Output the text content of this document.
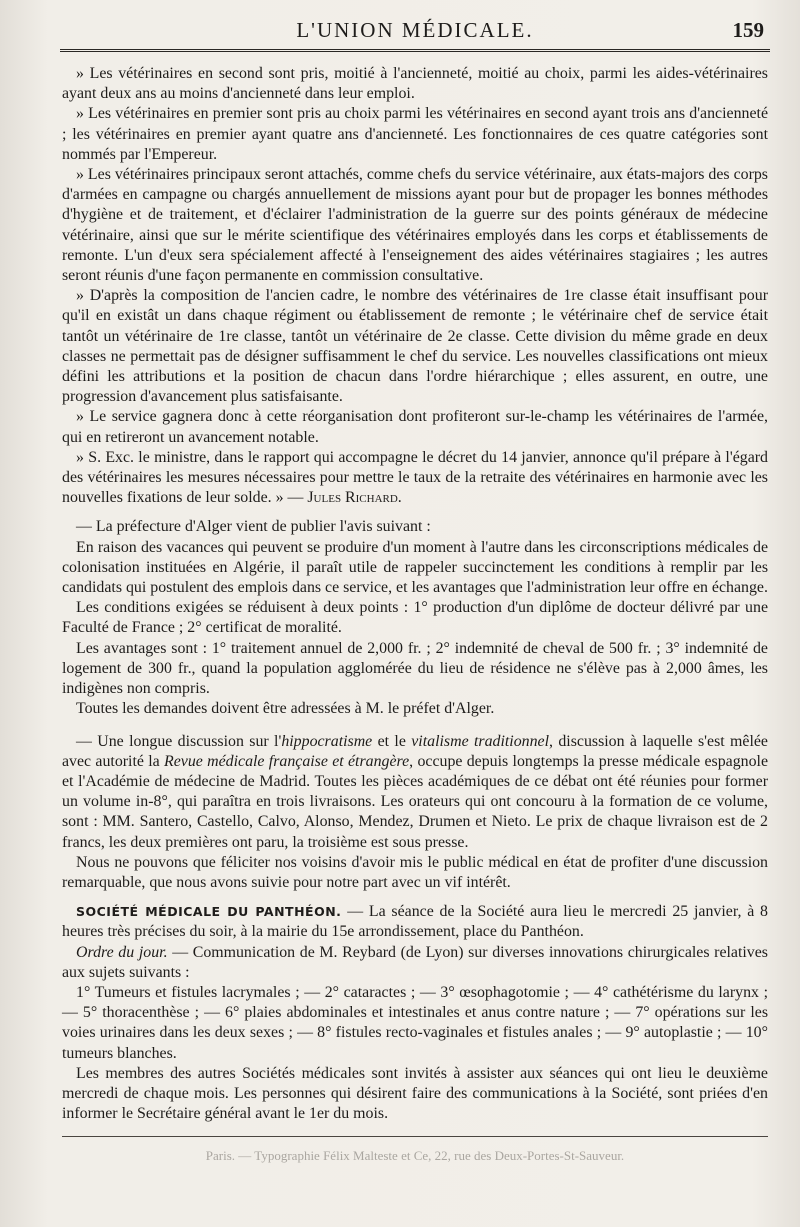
L'UNION MÉDICALE.	159

» Les vétérinaires en second sont pris, moitié à l'ancienneté, moitié au choix, parmi les aides-vétérinaires ayant deux ans au moins d'ancienneté dans leur emploi.

» Les vétérinaires en premier sont pris au choix parmi les vétérinaires en second ayant trois ans d'ancienneté ; les vétérinaires en premier ayant quatre ans d'ancienneté. Les fonctionnaires de ces quatre catégories sont nommés par l'Empereur.

» Les vétérinaires principaux seront attachés, comme chefs du service vétérinaire, aux états-majors des corps d'armées en campagne ou chargés annuellement de missions ayant pour but de propager les bonnes méthodes d'hygiène et de traitement, et d'éclairer l'administration de la guerre sur des points généraux de médecine vétérinaire, ainsi que sur le mérite scientifique des vétérinaires employés dans les corps et établissements de remonte. L'un d'eux sera spécialement affecté à l'enseignement des aides vétérinaires stagiaires ; les autres seront réunis d'une façon permanente en commission consultative.

» D'après la composition de l'ancien cadre, le nombre des vétérinaires de 1re classe était insuffisant pour qu'il en existât un dans chaque régiment ou établissement de remonte ; le vétérinaire chef de service était tantôt un vétérinaire de 1re classe, tantôt un vétérinaire de 2e classe. Cette division du même grade en deux classes ne permettait pas de désigner suffisamment le chef du service. Les nouvelles classifications ont mieux défini les attributions et la position de chacun dans l'ordre hiérarchique ; elles assurent, en outre, une progression d'avancement plus satisfaisante.

» Le service gagnera donc à cette réorganisation dont profiteront sur-le-champ les vétérinaires de l'armée, qui en retireront un avancement notable.

» S. Exc. le ministre, dans le rapport qui accompagne le décret du 14 janvier, annonce qu'il prépare à l'égard des vétérinaires les mesures nécessaires pour mettre le taux de la retraite des vétérinaires en harmonie avec les nouvelles fixations de leur solde. » — Jules Richard.

— La préfecture d'Alger vient de publier l'avis suivant :

En raison des vacances qui peuvent se produire d'un moment à l'autre dans les circonscriptions médicales de colonisation instituées en Algérie, il paraît utile de rappeler succinctement les conditions à remplir par les candidats qui postulent des emplois dans ce service, et les avantages que l'administration leur offre en échange.

Les conditions exigées se réduisent à deux points : 1° production d'un diplôme de docteur délivré par une Faculté de France ; 2° certificat de moralité.

Les avantages sont : 1° traitement annuel de 2,000 fr. ; 2° indemnité de cheval de 500 fr. ; 3° indemnité de logement de 300 fr., quand la population agglomérée du lieu de résidence ne s'élève pas à 2,000 âmes, les indigènes non compris.

Toutes les demandes doivent être adressées à M. le préfet d'Alger.

— Une longue discussion sur l'hippocratisme et le vitalisme traditionnel, discussion à laquelle s'est mêlée avec autorité la Revue médicale française et étrangère, occupe depuis longtemps la presse médicale espagnole et l'Académie de médecine de Madrid. Toutes les pièces académiques de ce débat ont été réunies pour former un volume in-8°, qui paraîtra en trois livraisons. Les orateurs qui ont concouru à la formation de ce volume, sont : MM. Santero, Castello, Calvo, Alonso, Mendez, Drumen et Nieto. Le prix de chaque livraison est de 2 francs, les deux premières ont paru, la troisième est sous presse.

Nous ne pouvons que féliciter nos voisins d'avoir mis le public médical en état de profiter d'une discussion remarquable, que nous avons suivie pour notre part avec un vif intérêt.

SOCIÉTÉ MÉDICALE DU PANTHÉON. — La séance de la Société aura lieu le mercredi 25 janvier, à 8 heures très précises du soir, à la mairie du 15e arrondissement, place du Panthéon.

Ordre du jour. — Communication de M. Reybard (de Lyon) sur diverses innovations chirurgicales relatives aux sujets suivants :

1° Tumeurs et fistules lacrymales ; — 2° cataractes ; — 3° œsophagotomie ; — 4° cathétérisme du larynx ; — 5° thoracenthèse ; — 6° plaies abdominales et intestinales et anus contre nature ; — 7° opérations sur les voies urinaires dans les deux sexes ; — 8° fistules recto-vaginales et fistules anales ; — 9° autoplastie ; — 10° tumeurs blanches.

Les membres des autres Sociétés médicales sont invités à assister aux séances qui ont lieu le deuxième mercredi de chaque mois. Les personnes qui désirent faire des communications à la Société, sont priées d'en informer le Secrétaire général avant le 1er du mois.

Paris. — Typographie Félix Malteste et Ce, 22, rue des Deux-Portes-St-Sauveur.
